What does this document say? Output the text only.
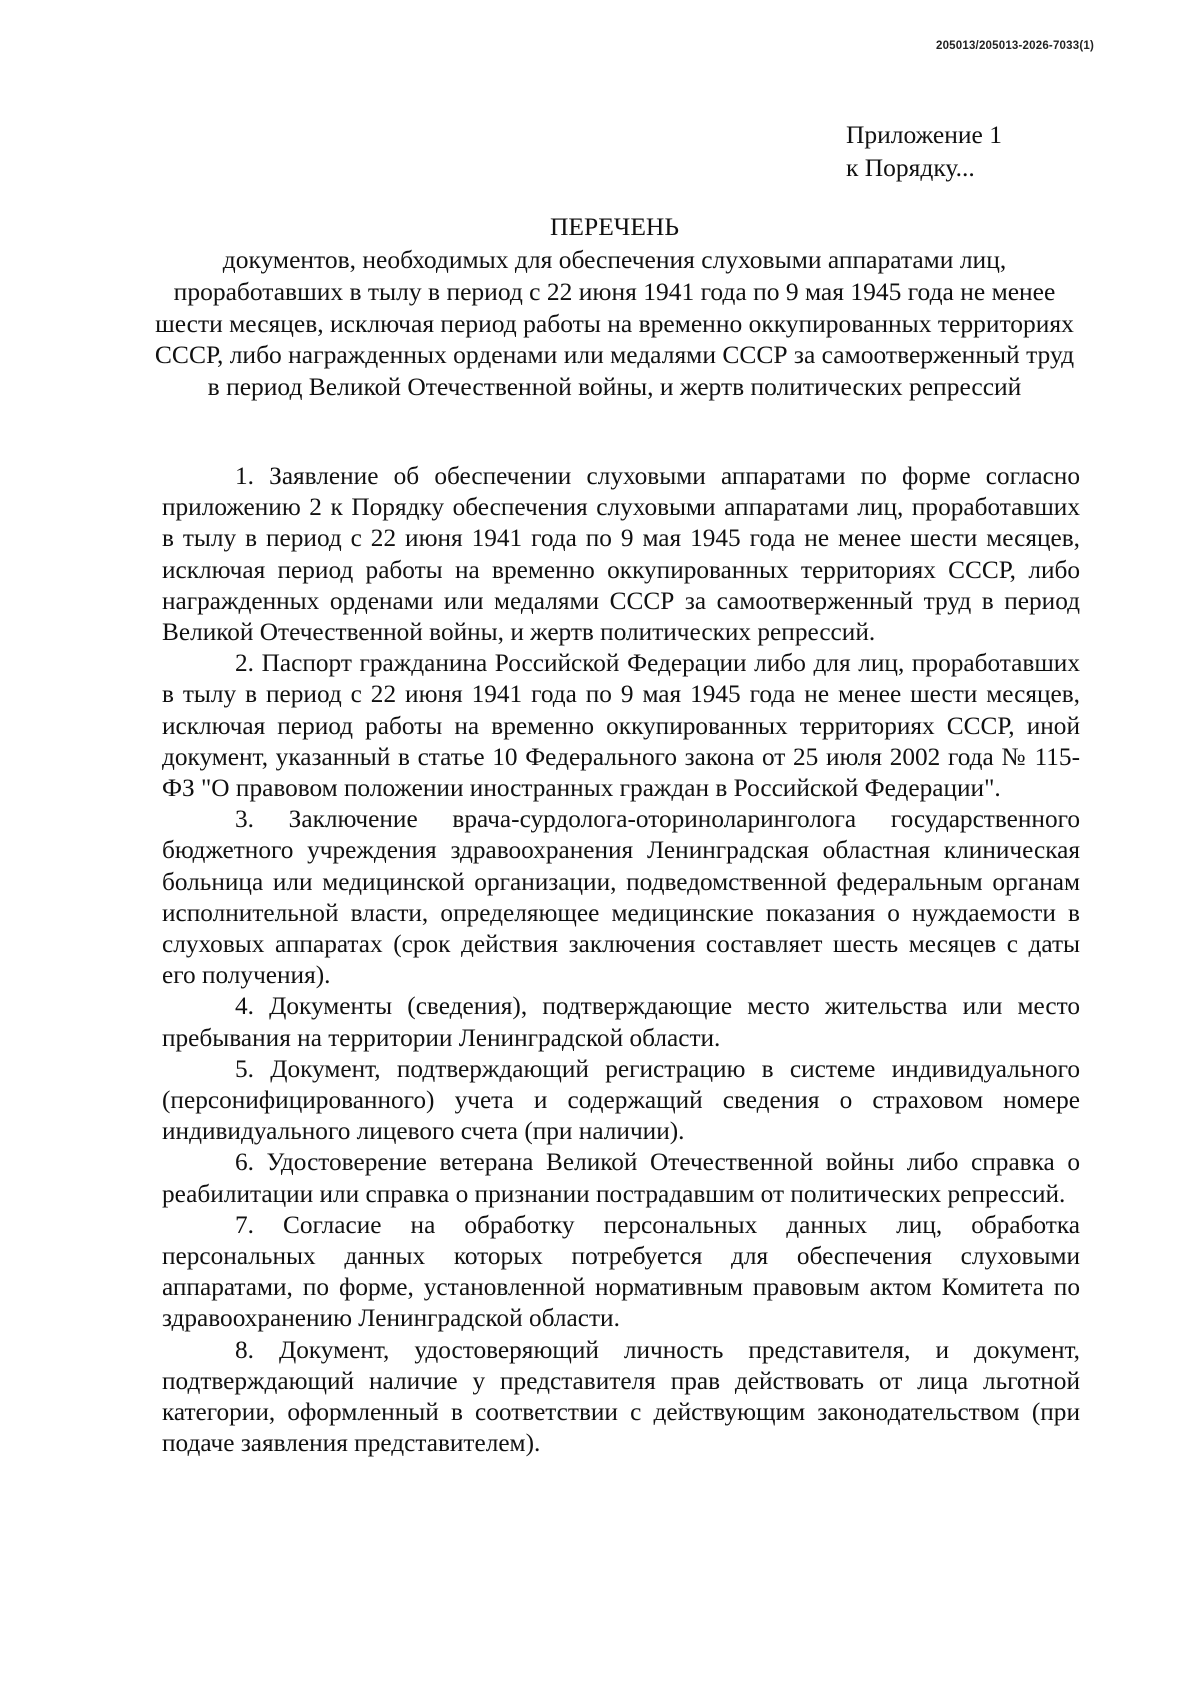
205013/205013-2026-7033(1)
Приложение 1
к Порядку...
ПЕРЕЧЕНЬ
документов, необходимых для обеспечения слуховыми аппаратами лиц, проработавших в тылу в период с 22 июня 1941 года по 9 мая 1945 года не менее шести месяцев, исключая период работы на временно оккупированных территориях СССР, либо награжденных орденами или медалями СССР за самоотверженный труд в период Великой Отечественной войны, и жертв политических репрессий

1. Заявление об обеспечении слуховыми аппаратами по форме согласно приложению 2 к Порядку обеспечения слуховыми аппаратами лиц, проработавших в тылу в период с 22 июня 1941 года по 9 мая 1945 года не менее шести месяцев, исключая период работы на временно оккупированных территориях СССР, либо награжденных орденами или медалями СССР за самоотверженный труд в период Великой Отечественной войны, и жертв политических репрессий.

2. Паспорт гражданина Российской Федерации либо для лиц, проработавших в тылу в период с 22 июня 1941 года по 9 мая 1945 года не менее шести месяцев, исключая период работы на временно оккупированных территориях СССР, иной документ, указанный в статье 10 Федерального закона от 25 июля 2002 года № 115-ФЗ "О правовом положении иностранных граждан в Российской Федерации".

3. Заключение врача-сурдолога-оториноларинголога государственного бюджетного учреждения здравоохранения Ленинградская областная клиническая больница или медицинской организации, подведомственной федеральным органам исполнительной власти, определяющее медицинские показания о нуждаемости в слуховых аппаратах (срок действия заключения составляет шесть месяцев с даты его получения).

4. Документы (сведения), подтверждающие место жительства или место пребывания на территории Ленинградской области.

5. Документ, подтверждающий регистрацию в системе индивидуального (персонифицированного) учета и содержащий сведения о страховом номере индивидуального лицевого счета (при наличии).

6. Удостоверение ветерана Великой Отечественной войны либо справка о реабилитации или справка о признании пострадавшим от политических репрессий.

7. Согласие на обработку персональных данных лиц, обработка персональных данных которых потребуется для обеспечения слуховыми аппаратами, по форме, установленной нормативным правовым актом Комитета по здравоохранению Ленинградской области.

8. Документ, удостоверяющий личность представителя, и документ, подтверждающий наличие у представителя прав действовать от лица льготной категории, оформленный в соответствии с действующим законодательством (при подаче заявления представителем).
